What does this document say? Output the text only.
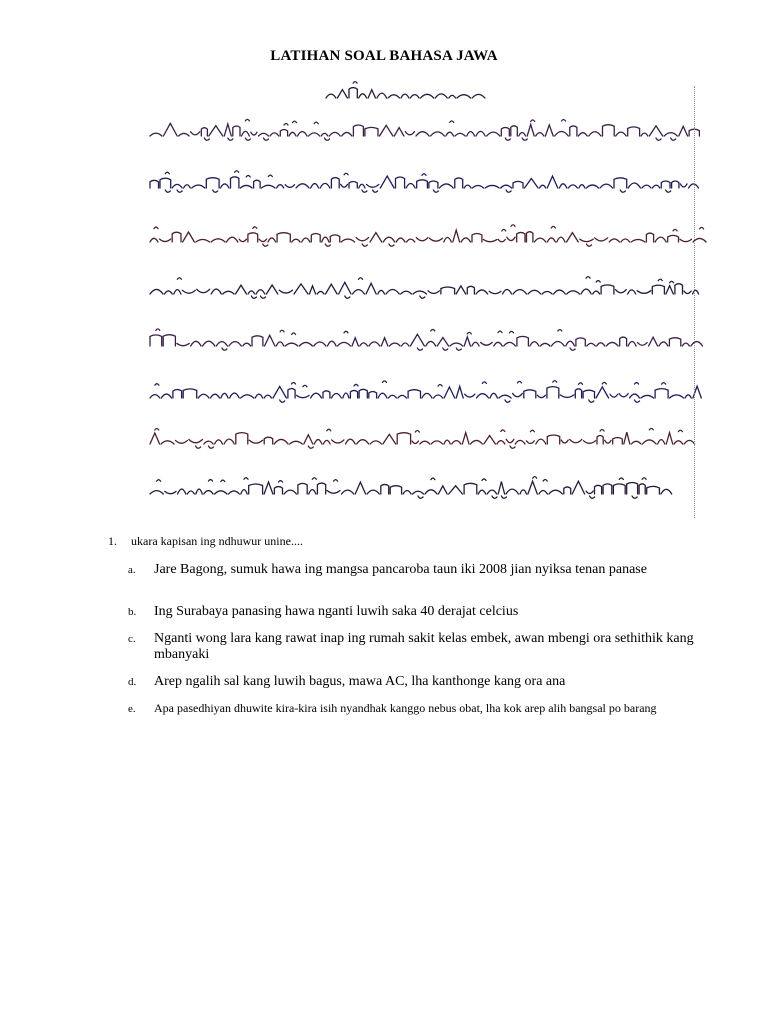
LATIHAN SOAL BAHASA JAWA
1. ukara kapisan ing ndhuwur unine....
a. Jare Bagong, sumuk hawa ing mangsa pancaroba taun iki 2008 jian nyiksa tenan panase
b. Ing Surabaya panasing hawa nganti luwih saka 40 derajat celcius
c. Nganti wong lara kang rawat inap ing rumah sakit kelas embek, awan mbengi ora sethithik kang mbanyaki
d. Arep ngalih sal kang luwih bagus, mawa AC, lha kanthonge kang ora ana
e. Apa pasedhiyan dhuwite kira-kira isih nyandhak kanggo nebus obat, lha kok arep alih bangsal po barang
